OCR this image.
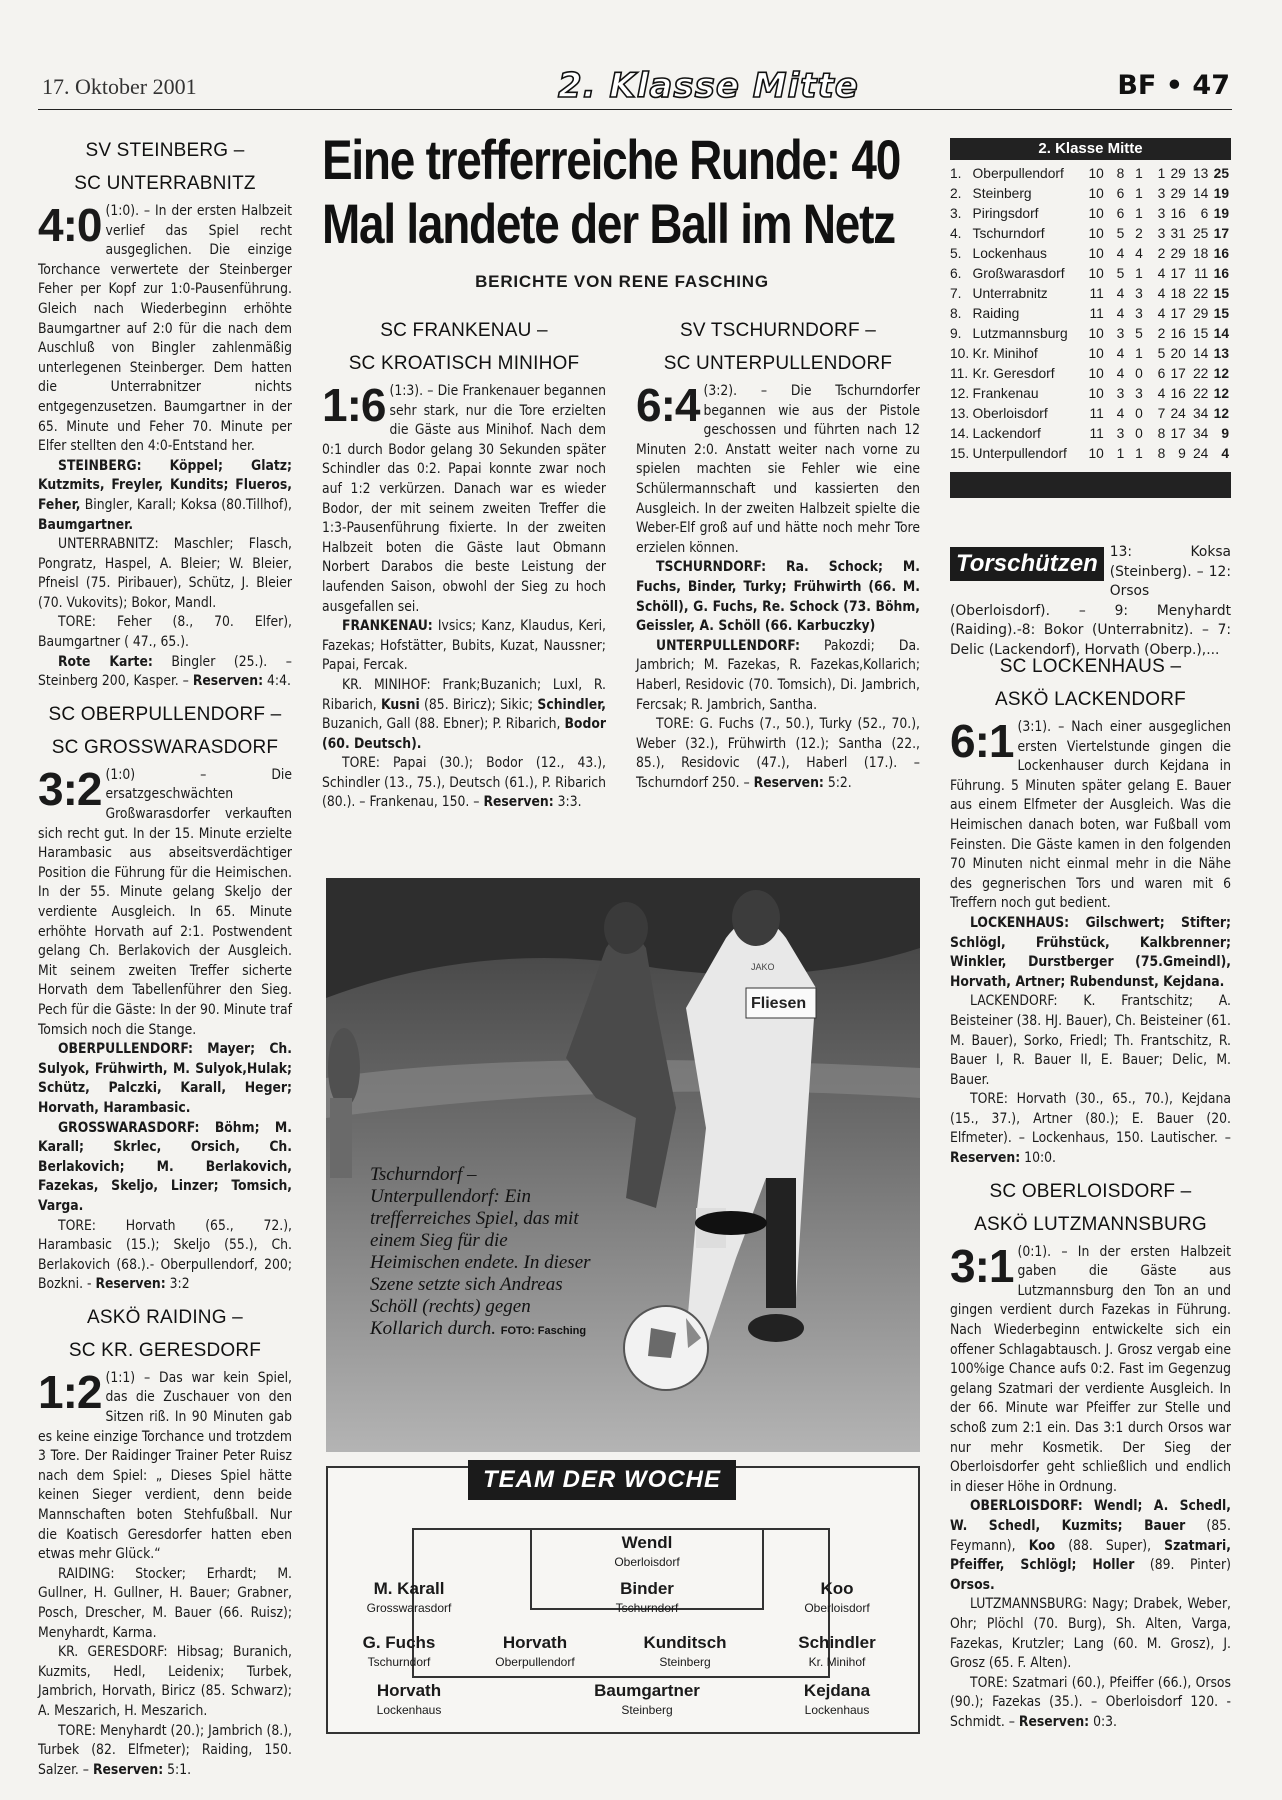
17. Oktober 2001	2. Klasse Mitte	BF • 47
SV STEINBERG –
SC UNTERRABNITZ

4:0 (1:0). – In der ersten Halbzeit verlief das Spiel recht ausgeglichen. Die einzige Torchance verwertete der Steinberger Feher per Kopf zur 1:0-Pausenführung. Gleich nach Wiederbeginn erhöhte Baumgartner auf 2:0 für die nach dem Auschluß von Bingler zahlenmäßig unterlegenen Steinberger. Dem hatten die Unterrabnitzer nichts entgegenzusetzen. Baumgartner in der 65. Minute und Feher 70. Minute per Elfer stellten den 4:0-Entstand her.

STEINBERG: Köppel; Glatz; Kutzmits, Freyler, Kundits; Flueros, Feher, Bingler, Karall; Koksa (80.Tillhof), Baumgartner.

UNTERRABNITZ: Maschler; Flasch, Pongratz, Haspel, A. Bleier; W. Bleier, Pfneisl (75. Piribauer), Schütz, J. Bleier (70. Vukovits); Bokor, Mandl.

TORE: Feher (8., 70. Elfer), Baumgartner ( 47., 65.).

Rote Karte: Bingler (25.). – Steinberg 200, Kasper. – Reserven: 4:4.

SC OBERPULLENDORF –
SC GROSSWARASDORF

3:2 (1:0) – Die ersatzgeschwächten Großwarasdorfer verkauften sich recht gut. In der 15. Minute erzielte Harambasic aus abseitsverdächtiger Position die Führung für die Heimischen. In der 55. Minute gelang Skeljo der verdiente Ausgleich. In 65. Minute erhöhte Horvath auf 2:1. Postwendent gelang Ch. Berlakovich der Ausgleich. Mit seinem zweiten Treffer sicherte Horvath dem Tabellenführer den Sieg. Pech für die Gäste: In der 90. Minute traf Tomsich noch die Stange.

OBERPULLENDORF: Mayer; Ch. Sulyok, Frühwirth, M. Sulyok,Hulak; Schütz, Palczki, Karall, Heger; Horvath, Harambasic.

GROSSWARASDORF: Böhm; M. Karall; Skrlec, Orsich, Ch. Berlakovich; M. Berlakovich, Fazekas, Skeljo, Linzer; Tomsich, Varga.

TORE: Horvath (65., 72.), Harambasic (15.); Skeljo (55.), Ch. Berlakovich (68.).- Oberpullendorf, 200; Bozkni. - Reserven: 3:2

ASKÖ RAIDING –
SC KR. GERESDORF

1:2 (1:1) – Das war kein Spiel, das die Zuschauer von den Sitzen riß. In 90 Minuten gab es keine einzige Torchance und trotzdem 3 Tore. Der Raidinger Trainer Peter Ruisz nach dem Spiel: „ Dieses Spiel hätte keinen Sieger verdient, denn beide Mannschaften boten Stehfußball. Nur die Koatisch Geresdorfer hatten eben etwas mehr Glück.“

RAIDING: Stocker; Erhardt; M. Gullner, H. Gullner, H. Bauer; Grabner, Posch, Drescher, M. Bauer (66. Ruisz); Menyhardt, Karma.

KR. GERESDORF: Hibsag; Buranich, Kuzmits, Hedl, Leidenix; Turbek, Jambrich, Horvath, Biricz (85. Schwarz); A. Meszarich, H. Meszarich.

TORE: Menyhardt (20.); Jambrich (8.), Turbek (82. Elfmeter); Raiding, 150. Salzer. – Reserven: 5:1.

Eine trefferreiche Runde: 40
Mal landete der Ball im Netz
BERICHTE VON RENE FASCHING
SC FRANKENAU –
SC KROATISCH MINIHOF

1:6 (1:3). – Die Frankenauer begannen sehr stark, nur die Tore erzielten die Gäste aus Minihof. Nach dem 0:1 durch Bodor gelang 30 Sekunden später Schindler das 0:2. Papai konnte zwar noch auf 1:2 verkürzen. Danach war es wieder Bodor, der mit seinem zweiten Treffer die 1:3-Pausenführung fixierte. In der zweiten Halbzeit boten die Gäste laut Obmann Norbert Darabos die beste Leistung der laufenden Saison, obwohl der Sieg zu hoch ausgefallen sei.

FRANKENAU: Ivsics; Kanz, Klaudus, Keri, Fazekas; Hofstätter, Bubits, Kuzat, Naussner; Papai, Fercak.

KR. MINIHOF: Frank;Buzanich; Luxl, R. Ribarich, Kusni (85. Biricz); Sikic; Schindler, Buzanich, Gall (88. Ebner); P. Ribarich, Bodor (60. Deutsch).

TORE: Papai (30.); Bodor (12., 43.), Schindler (13., 75.), Deutsch (61.), P. Ribarich (80.). – Frankenau, 150. – Reserven: 3:3.

SV TSCHURNDORF –
SC UNTERPULLENDORF

6:4 (3:2). – Die Tschurndorfer begannen wie aus der Pistole geschossen und führten nach 12 Minuten 2:0. Anstatt weiter nach vorne zu spielen machten sie Fehler wie eine Schülermannschaft und kassierten den Ausgleich. In der zweiten Halbzeit spielte die Weber-Elf groß auf und hätte noch mehr Tore erzielen können.

TSCHURNDORF: Ra. Schock; M. Fuchs, Binder, Turky; Frühwirth (66. M. Schöll), G. Fuchs, Re. Schock (73. Böhm, Geissler, A. Schöll (66. Karbuczky)

UNTERPULLENDORF: Pakozdi; Da. Jambrich; M. Fazekas, R. Fazekas,Kollarich; Haberl, Residovic (70. Tomsich), Di. Jambrich, Fercsak; R. Jambrich, Santha.

TORE: G. Fuchs (7., 50.), Turky (52., 70.), Weber (32.), Frühwirth (12.); Santha (22., 85.), Residovic (47.), Haberl (17.). – Tschurndorf 250. – Reserven: 5:2.

Fliesen
JAKO
Tschurndorf – Unterpullendorf: Ein trefferreiches Spiel, das mit einem Sieg für die Heimischen endete. In dieser Szene setzte sich Andreas Schöll (rechts) gegen Kollarich durch. FOTO: Fasching
TEAM DER WOCHE
Wendl
Oberloisdorf
M. Karall
Grosswarasdorf
Binder
Tschurndorf
Koo
Oberloisdorf
G. Fuchs
Tschurndorf
Horvath
Oberpullendorf
Kunditsch
Steinberg
Schindler
Kr. Minihof
Horvath
Lockenhaus
Baumgartner
Steinberg
Kejdana
Lockenhaus
2. Klasse Mitte
1.	Oberpullendorf	10	8	1	1	29	13	25
2.	Steinberg	10	6	1	3	29	14	19
3.	Piringsdorf	10	6	1	3	16	6	19
4.	Tschurndorf	10	5	2	3	31	25	17
5.	Lockenhaus	10	4	4	2	29	18	16
6.	Großwarasdorf	10	5	1	4	17	11	16
7.	Unterrabnitz	11	4	3	4	18	22	15
8.	Raiding	11	4	3	4	17	29	15
9.	Lutzmannsburg	10	3	5	2	16	15	14
10.	Kr. Minihof	10	4	1	5	20	14	13
11.	Kr. Geresdorf	10	4	0	6	17	22	12
12.	Frankenau	10	3	3	4	16	22	12
13.	Oberloisdorf	11	4	0	7	24	34	12
14.	Lackendorf	11	3	0	8	17	34	9
15.	Unterpullendorf	10	1	1	8	9	24	4
Torschützen 13: Koksa (Steinberg). – 12: Orsos (Oberloisdorf). – 9: Menyhardt (Raiding).-8: Bokor (Unterrabnitz). – 7: Delic (Lackendorf), Horvath (Oberp.),...
SC LOCKENHAUS –
ASKÖ LACKENDORF

6:1 (3:1). – Nach einer ausgeglichen ersten Viertelstunde gingen die Lockenhauser durch Kejdana in Führung. 5 Minuten später gelang E. Bauer aus einem Elfmeter der Ausgleich. Was die Heimischen danach boten, war Fußball vom Feinsten. Die Gäste kamen in den folgenden 70 Minuten nicht einmal mehr in die Nähe des gegnerischen Tors und waren mit 6 Treffern noch gut bedient.

LOCKENHAUS: Gilschwert; Stifter; Schlögl, Frühstück, Kalkbrenner; Winkler, Durstberger (75.Gmeindl), Horvath, Artner; Rubendunst, Kejdana.

LACKENDORF: K. Frantschitz; A. Beisteiner (38. HJ. Bauer), Ch. Beisteiner (61. M. Bauer), Sorko, Friedl; Th. Frantschitz, R. Bauer I, R. Bauer II, E. Bauer; Delic, M. Bauer.

TORE: Horvath (30., 65., 70.), Kejdana (15., 37.), Artner (80.); E. Bauer (20. Elfmeter). – Lockenhaus, 150. Lautischer. – Reserven: 10:0.

SC OBERLOISDORF –
ASKÖ LUTZMANNSBURG

3:1 (0:1). – In der ersten Halbzeit gaben die Gäste aus Lutzmannsburg den Ton an und gingen verdient durch Fazekas in Führung. Nach Wiederbeginn entwickelte sich ein offener Schlagabtausch. J. Grosz vergab eine 100%ige Chance aufs 0:2. Fast im Gegenzug gelang Szatmari der verdiente Ausgleich. In der 66. Minute war Pfeiffer zur Stelle und schoß zum 2:1 ein. Das 3:1 durch Orsos war nur mehr Kosmetik. Der Sieg der Oberloisdorfer geht schließlich und endlich in dieser Höhe in Ordnung.

OBERLOISDORF: Wendl; A. Schedl, W. Schedl, Kuzmits; Bauer (85. Feymann), Koo (88. Super), Szatmari, Pfeiffer, Schlögl; Holler (89. Pinter) Orsos.

LUTZMANNSBURG: Nagy; Drabek, Weber, Ohr; Plöchl (70. Burg), Sh. Alten, Varga, Fazekas, Krutzler; Lang (60. M. Grosz), J. Grosz (65. F. Alten).

TORE: Szatmari (60.), Pfeiffer (66.), Orsos (90.); Fazekas (35.). – Oberloisdorf 120. - Schmidt. – Reserven: 0:3.
